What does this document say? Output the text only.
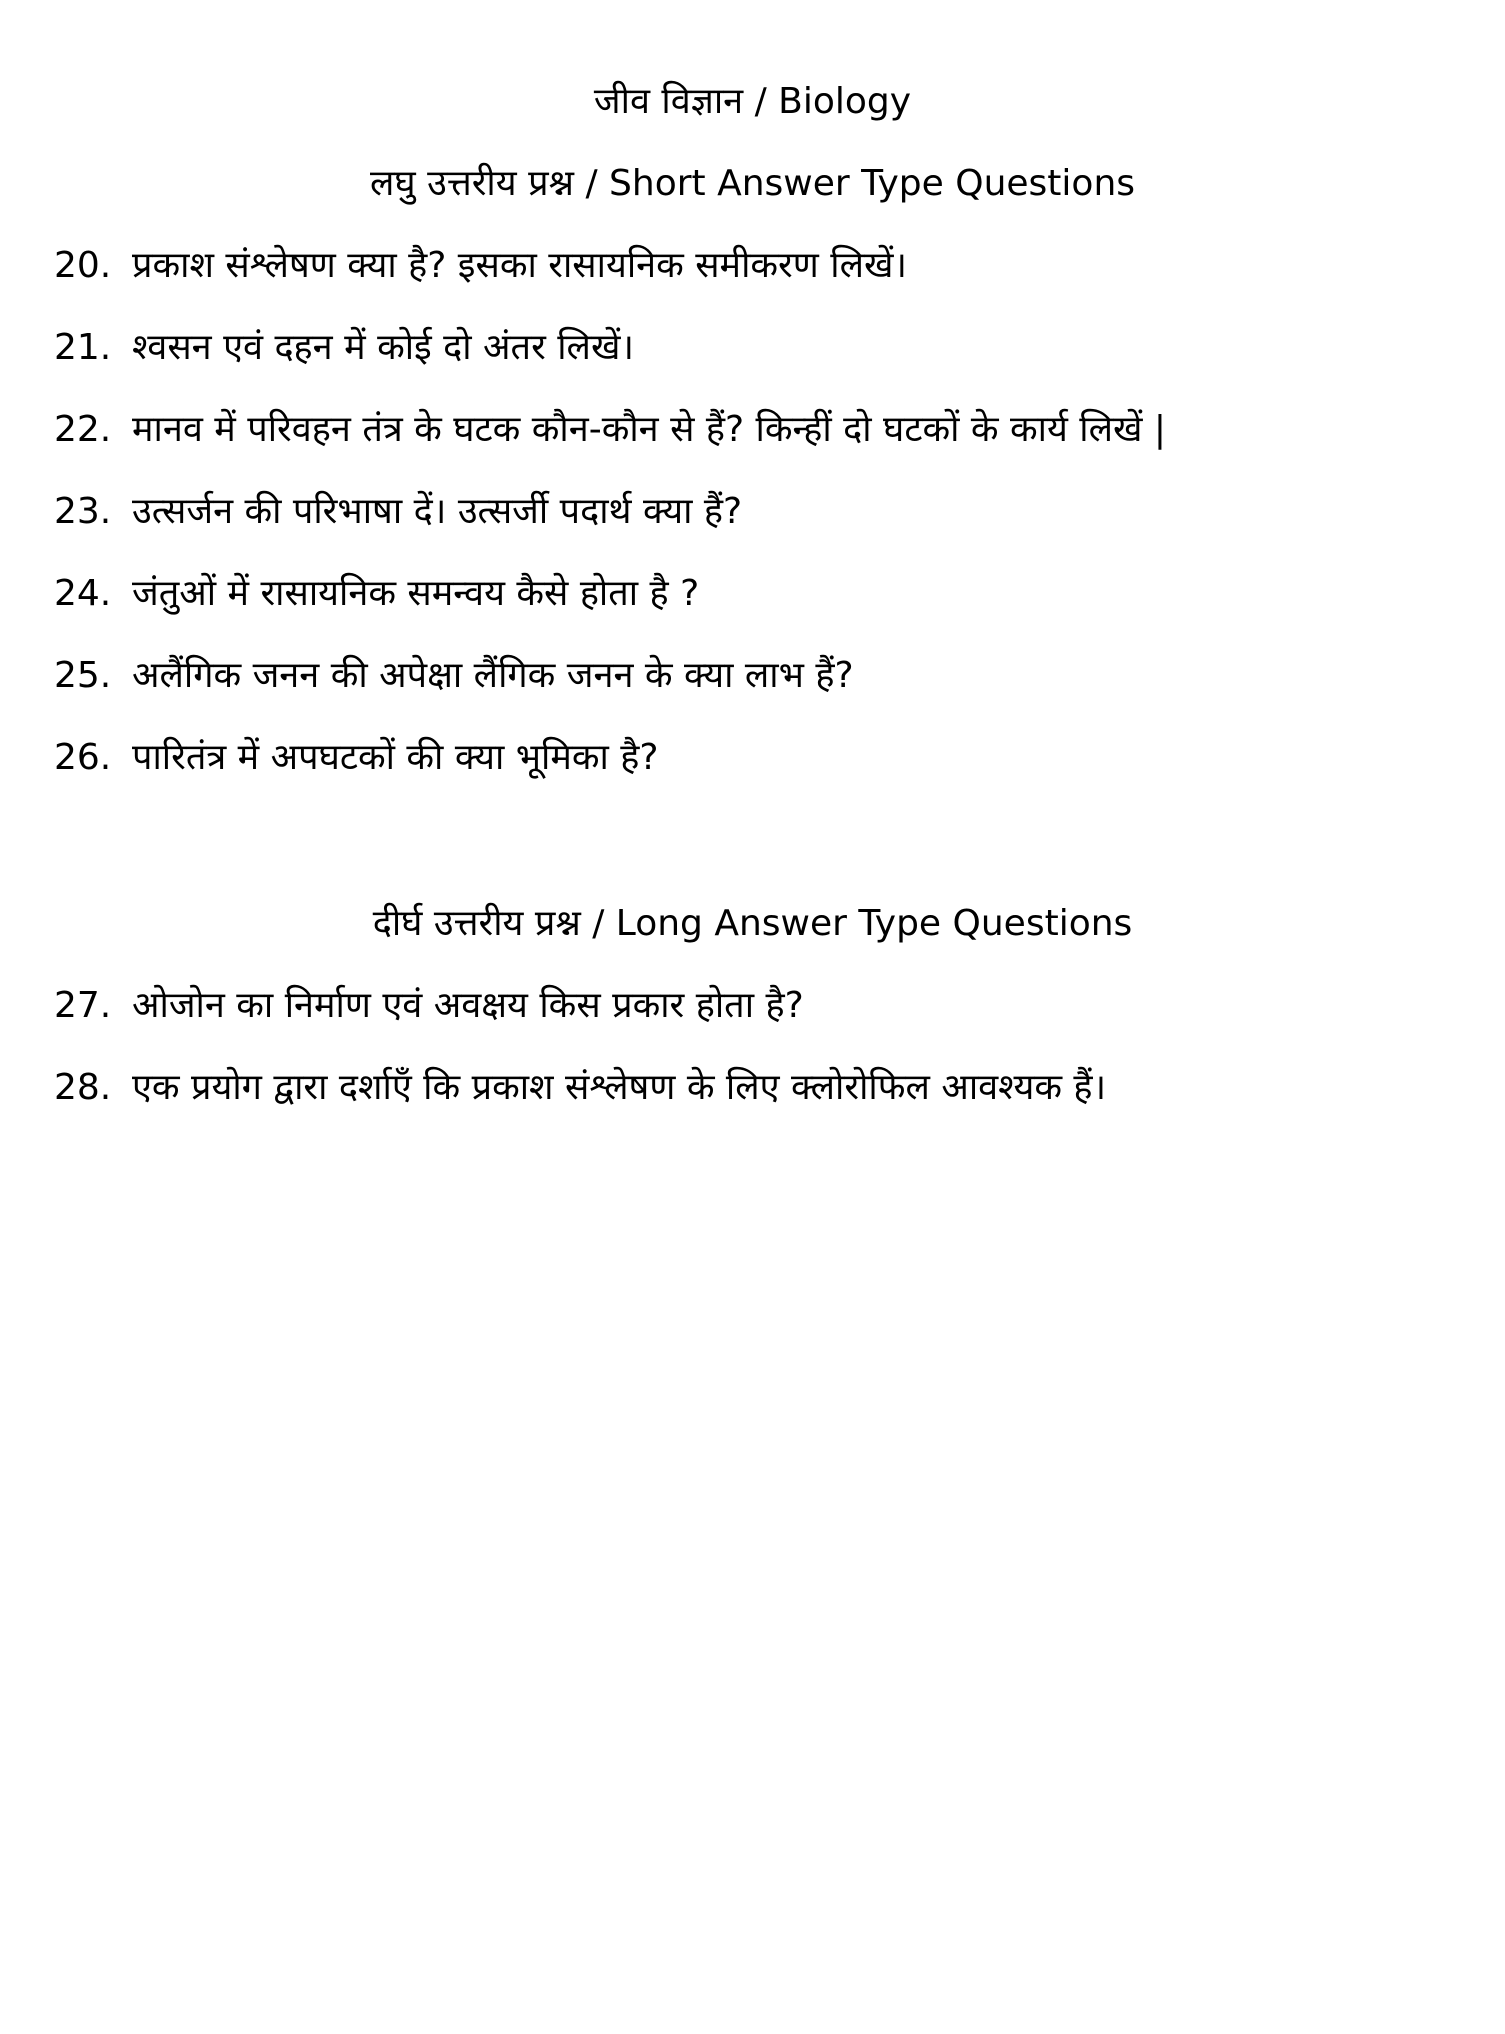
जीव विज्ञान / Biology
लघु उत्तरीय प्रश्न / Short Answer Type Questions
20. प्रकाश संश्लेषण क्या है? इसका रासायनिक समीकरण लिखें।
21. श्वसन एवं दहन में कोई दो अंतर लिखें।
22. मानव में परिवहन तंत्र के घटक कौन-कौन से हैं? किन्हीं दो घटकों के कार्य लिखें |
23. उत्सर्जन की परिभाषा दें। उत्सर्जी पदार्थ क्या हैं?
24. जंतुओं में रासायनिक समन्वय कैसे होता है ?
25. अलैंगिक जनन की अपेक्षा लैंगिक जनन के क्या लाभ हैं?
26. पारितंत्र में अपघटकों की क्या भूमिका है?
दीर्घ उत्तरीय प्रश्न / Long Answer Type Questions
27. ओजोन का निर्माण एवं अवक्षय किस प्रकार होता है?
28. एक प्रयोग द्वारा दर्शाएँ कि प्रकाश संश्लेषण के लिए क्लोरोफिल आवश्यक हैं।
